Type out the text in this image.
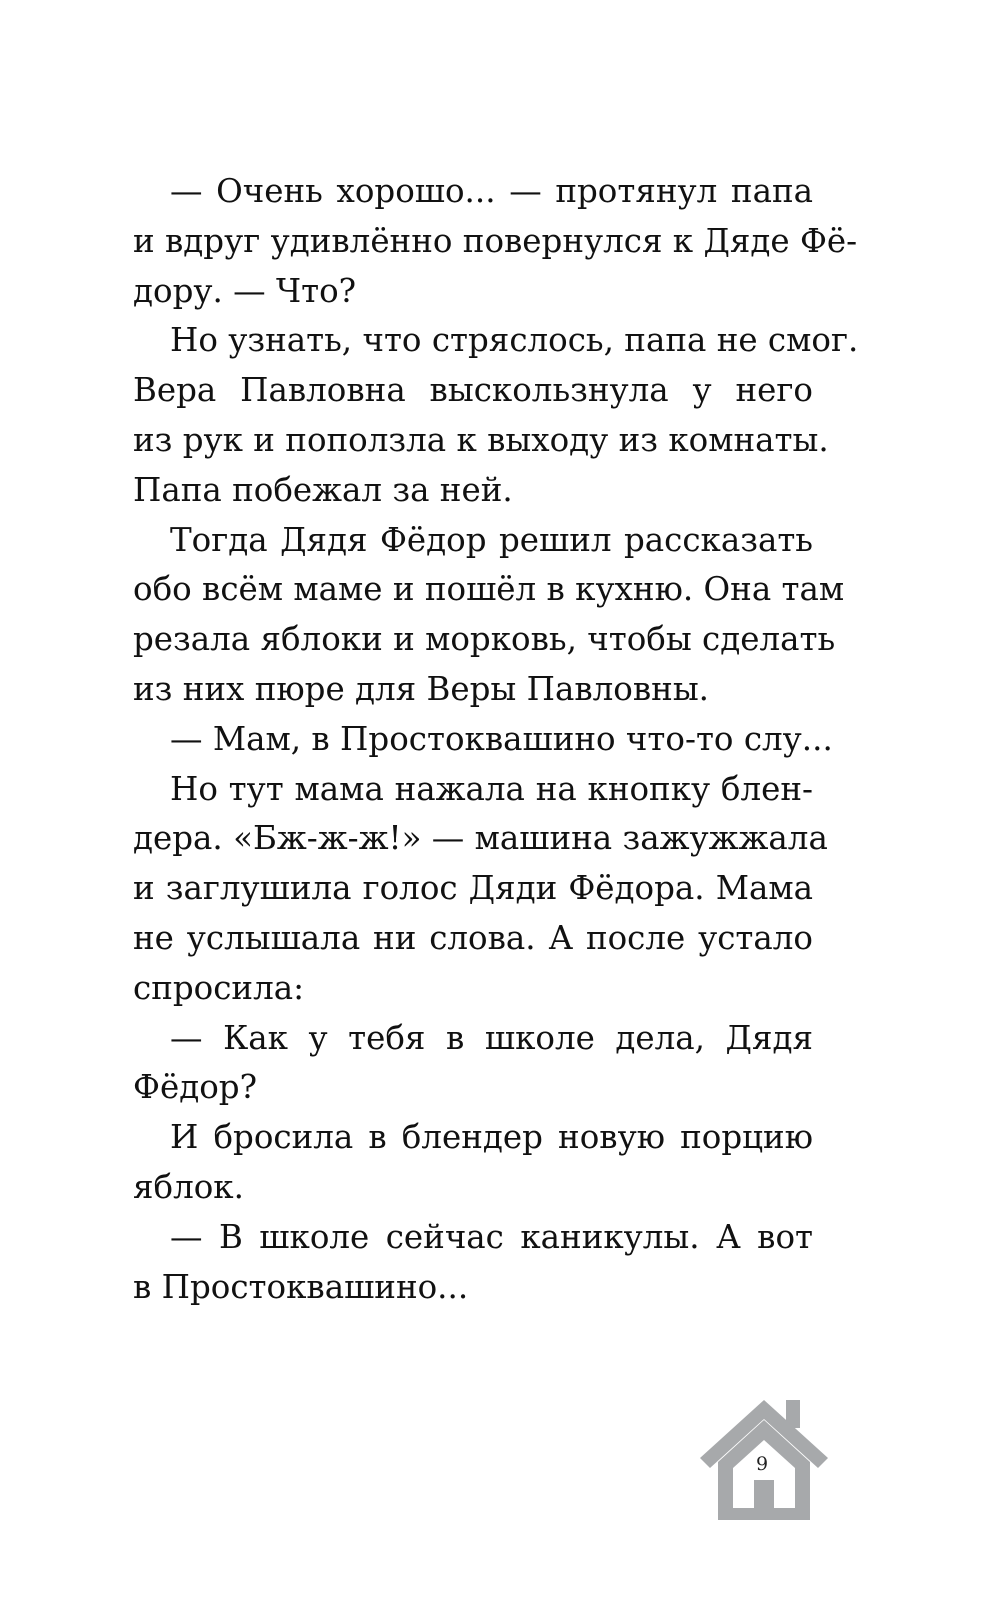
— Очень хорошо... — протянул папа
и вдруг удивлённо повернулся к Дяде Фё-
дору. — Что?
Но узнать, что стряслось, папа не смог.
Вера Павловна выскользнула у него
из рук и поползла к выходу из комнаты.
Папа побежал за ней.
Тогда Дядя Фёдор решил рассказать
обо всём маме и пошёл в кухню. Она там
резала яблоки и морковь, чтобы сделать
из них пюре для Веры Павловны.
— Мам, в Простоквашино что-то слу...
Но тут мама нажала на кнопку блен-
дера. «Бж-ж-ж!» — машина зажужжала
и заглушила голос Дяди Фёдора. Мама
не услышала ни слова. А после устало
спросила:
— Как у тебя в школе дела, Дядя
Фёдор?
И бросила в блендер новую порцию
яблок.
— В школе сейчас каникулы. А вот
в Простоквашино...
9
